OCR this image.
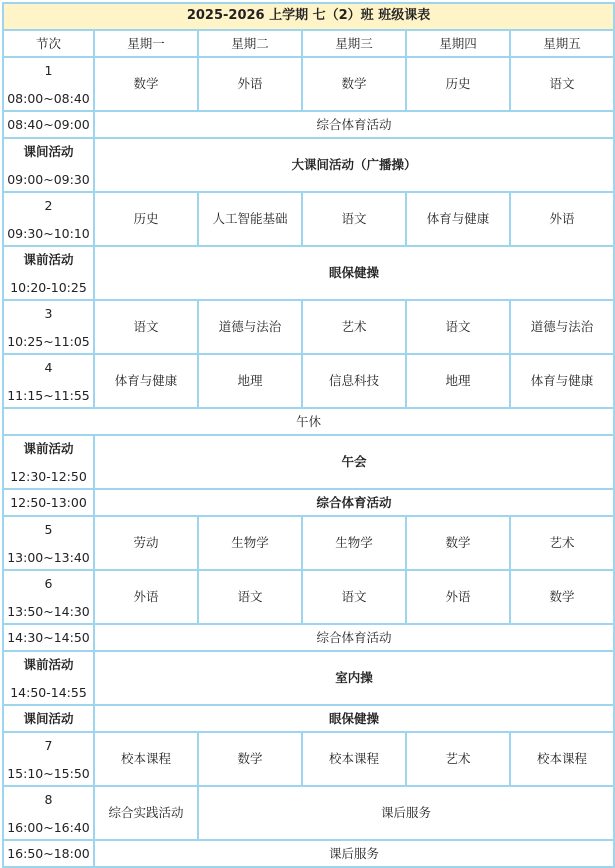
2025-2026 上学期 七（2）班 班级课表					
节次	星期一	星期二	星期三	星期四	星期五

1
08:00~08:40	数学	外语	数学	历史	语文
08:40~09:00	综合体育活动				

课间活动
09:00~09:30	大课间活动（广播操）				

2
09:30~10:10	历史	人工智能基础	语文	体育与健康	外语

课前活动
10:20-10:25	眼保健操				

3
10:25~11:05	语文	道德与法治	艺术	语文	道德与法治

4
11:15~11:55	体育与健康	地理	信息科技	地理	体育与健康
午休					

课前活动
12:30-12:50	午会				
12:50-13:00	综合体育活动				

5
13:00~13:40	劳动	生物学	生物学	数学	艺术

6
13:50~14:30	外语	语文	语文	外语	数学
14:30~14:50	综合体育活动				

课前活动
14:50-14:55	室内操				
课间活动	眼保健操				

7
15:10~15:50	校本课程	数学	校本课程	艺术	校本课程

8
16:00~16:40	综合实践活动	课后服务			
16:50~18:00	课后服务				
